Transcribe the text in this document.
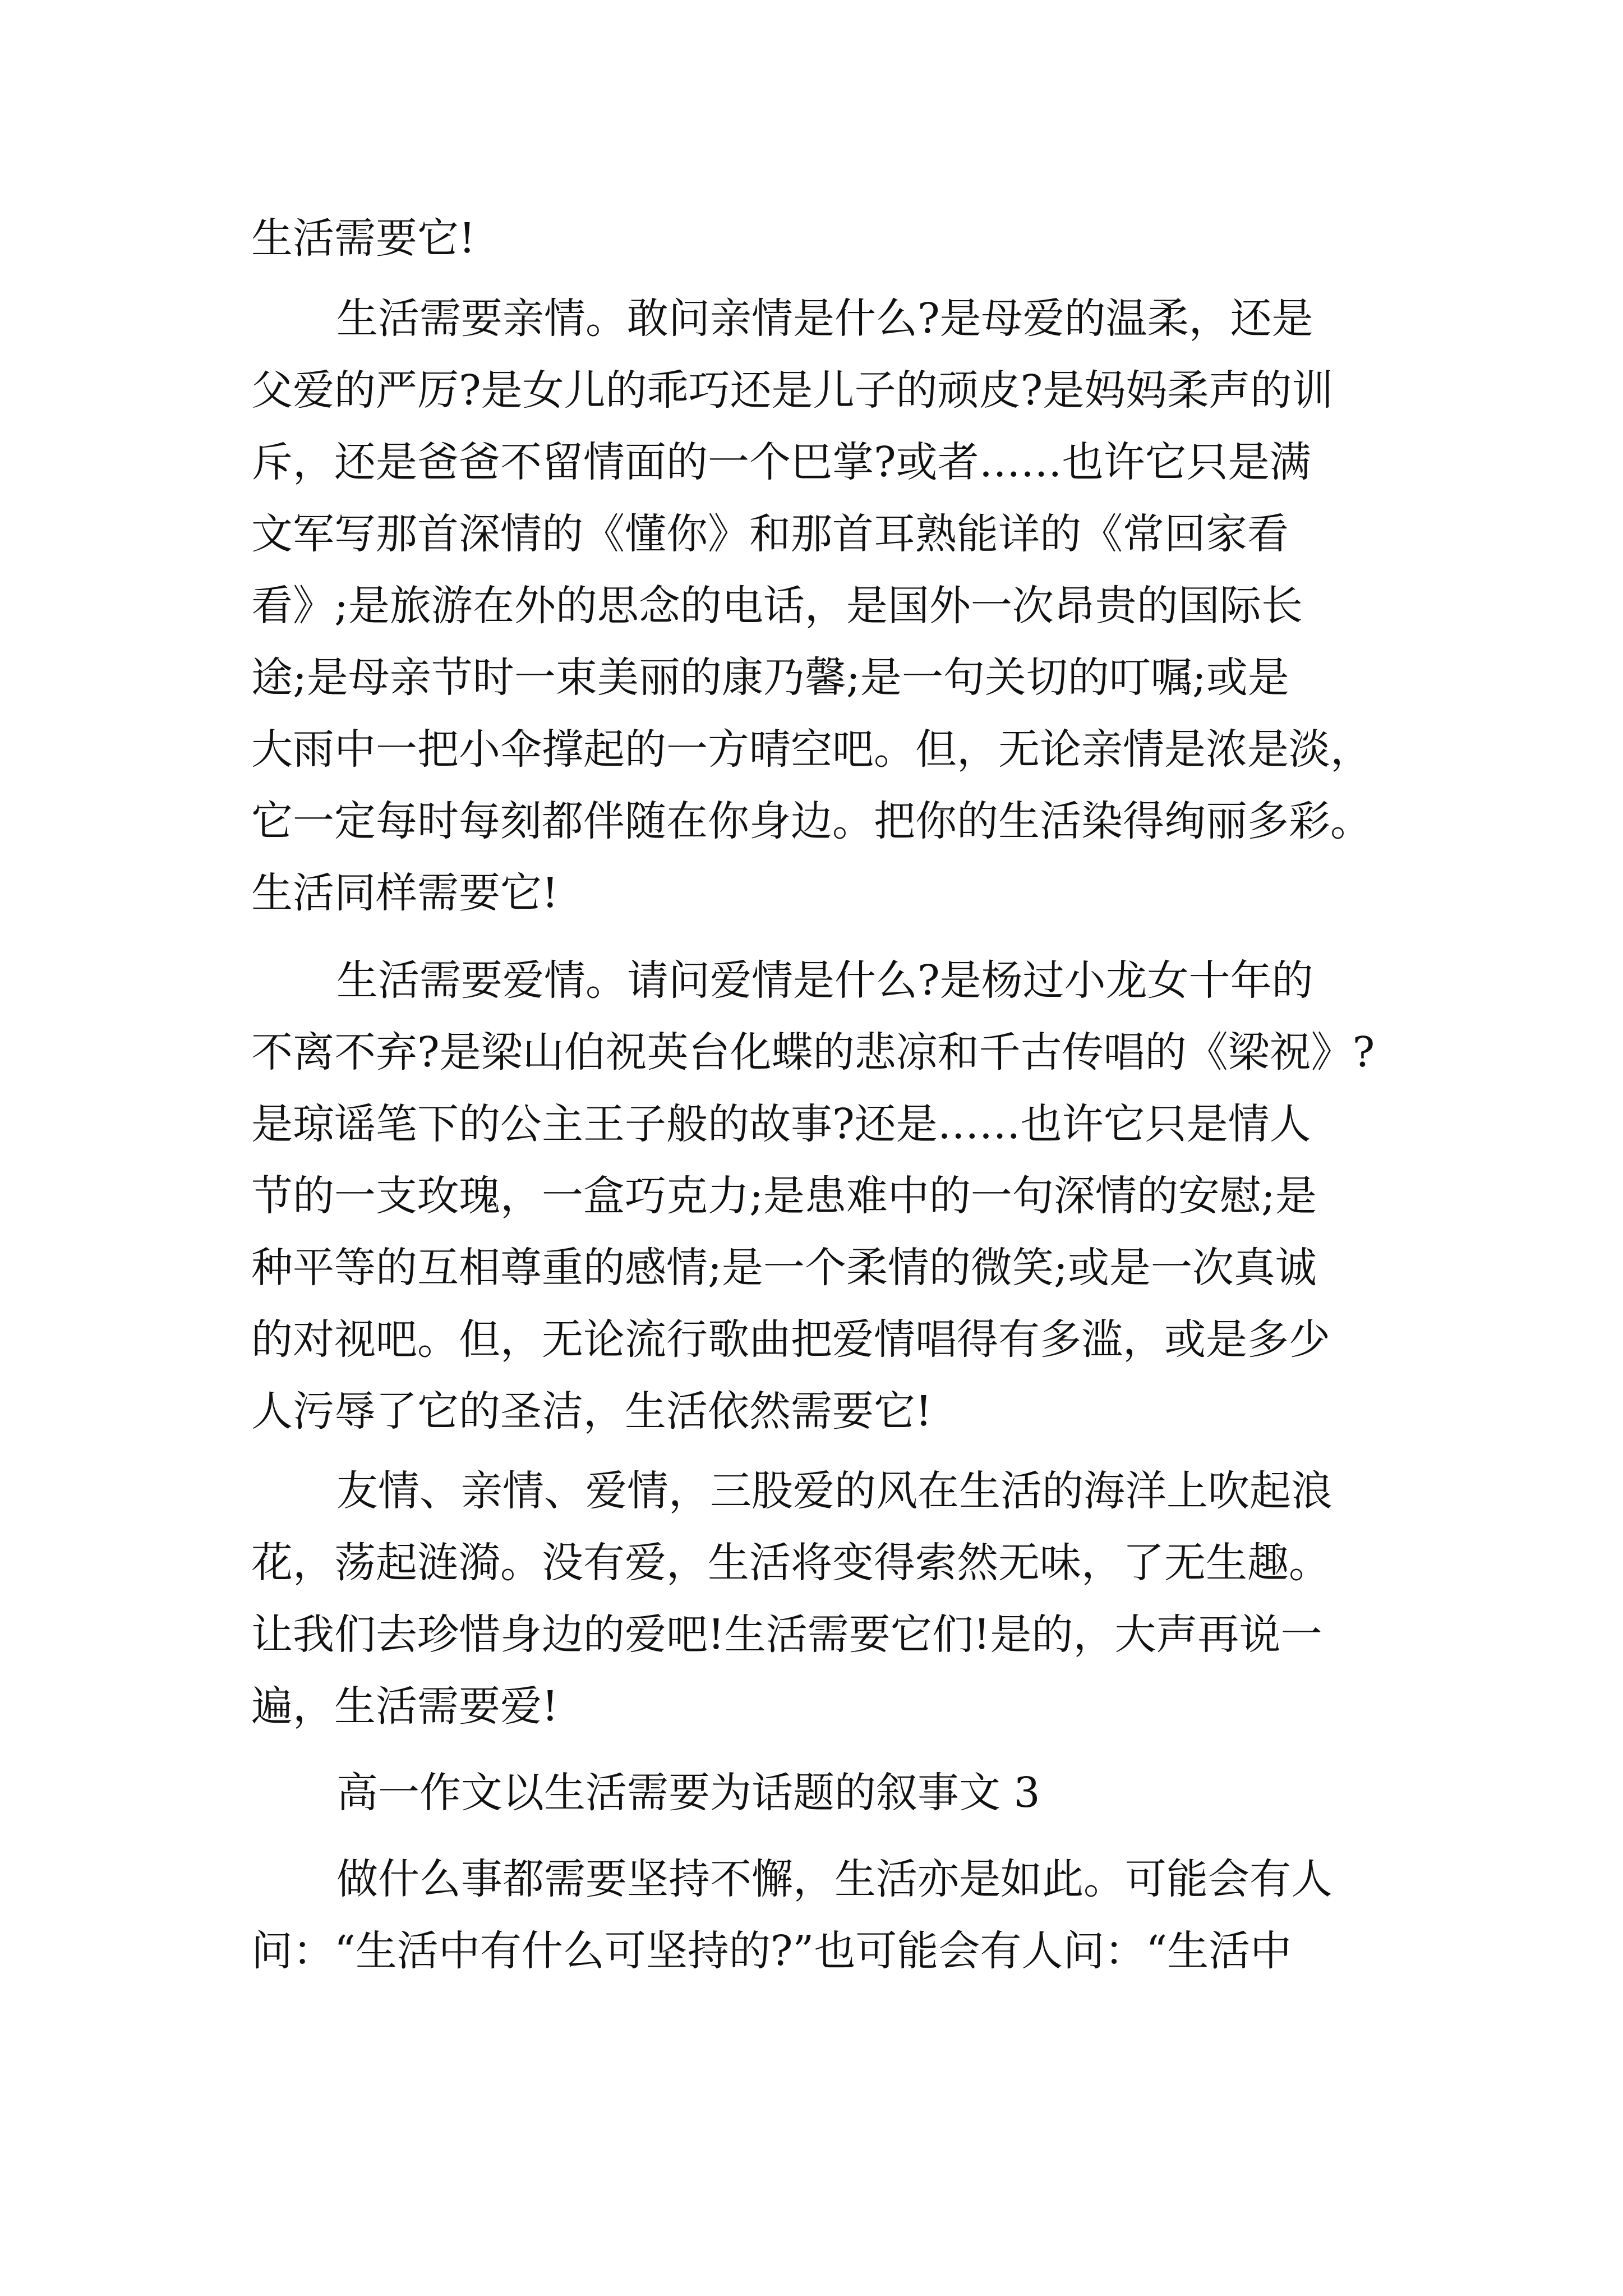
生活需要它!
生活需要亲情。敢问亲情是什么?是母爱的温柔，还是
父爱的严厉?是女儿的乖巧还是儿子的顽皮?是妈妈柔声的训
斥，还是爸爸不留情面的一个巴掌?或者……也许它只是满
文军写那首深情的《懂你》和那首耳熟能详的《常回家看
看》;是旅游在外的思念的电话，是国外一次昂贵的国际长
途;是母亲节时一束美丽的康乃馨;是一句关切的叮嘱;或是
大雨中一把小伞撑起的一方晴空吧。但，无论亲情是浓是淡，
它一定每时每刻都伴随在你身边。把你的生活染得绚丽多彩。
生活同样需要它!
生活需要爱情。请问爱情是什么?是杨过小龙女十年的
不离不弃?是梁山伯祝英台化蝶的悲凉和千古传唱的《梁祝》?
是琼谣笔下的公主王子般的故事?还是……也许它只是情人
节的一支玫瑰，一盒巧克力;是患难中的一句深情的安慰;是
种平等的互相尊重的感情;是一个柔情的微笑;或是一次真诚
的对视吧。但，无论流行歌曲把爱情唱得有多滥，或是多少
人污辱了它的圣洁，生活依然需要它!
友情、亲情、爱情，三股爱的风在生活的海洋上吹起浪
花，荡起涟漪。没有爱，生活将变得索然无味，了无生趣。
让我们去珍惜身边的爱吧!生活需要它们!是的，大声再说一
遍，生活需要爱!
高一作文以生活需要为话题的叙事文 3
做什么事都需要坚持不懈，生活亦是如此。可能会有人
问：“生活中有什么可坚持的?”也可能会有人问：“生活中
